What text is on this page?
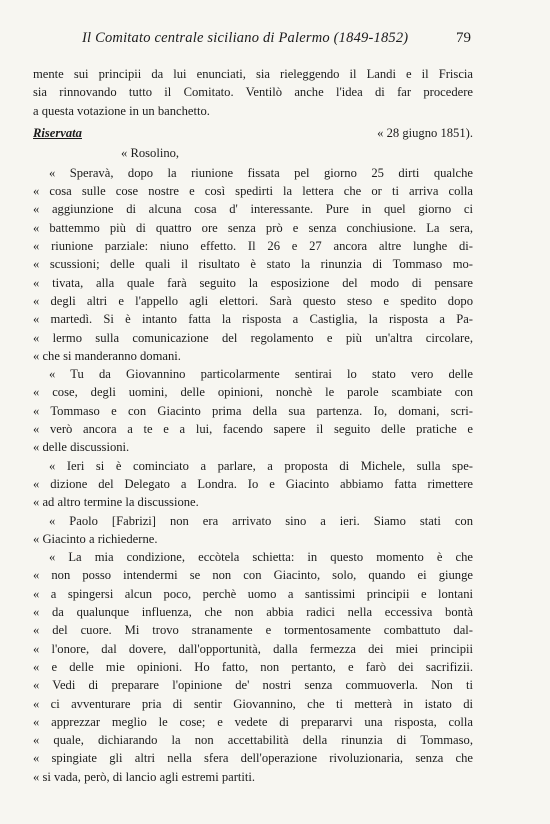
Il Comitato centrale siciliano di Palermo (1849-1852)	79
mente sui principii da lui enunciati, sia rieleggendo il Landi e il Friscia
sia rinnovando tutto il Comitato. Ventilò anche l'idea di far procedere
a questa votazione in un banchetto.
Riservata	« 28 giugno 1851).
« Rosolino,
« Speravà, dopo la riunione fissata pel giorno 25 dirti qualche
« cosa sulle cose nostre e così spedirti la lettera che or ti arriva colla
« aggiunzione di alcuna cosa d' interessante. Pure in quel giorno ci
« battemmo più di quattro ore senza prò e senza conchiusione. La sera,
« riunione parziale: niuno effetto. Il 26 e 27 ancora altre lunghe di-
« scussioni; delle quali il risultato è stato la rinunzia di Tommaso mo-
« tivata, alla quale farà seguito la esposizione del modo di pensare
« degli altri e l'appello agli elettori. Sarà questo steso e spedito dopo
« martedì. Si è intanto fatta la risposta a Castiglia, la risposta a Pa-
« lermo sulla comunicazione del regolamento e più un'altra circolare,
« che si manderanno domani.
« Tu da Giovannino particolarmente sentirai lo stato vero delle
« cose, degli uomini, delle opinioni, nonchè le parole scambiate con
« Tommaso e con Giacinto prima della sua partenza. Io, domani, scri-
« verò ancora a te e a lui, facendo sapere il seguito delle pratiche e
« delle discussioni.
« Ieri si è cominciato a parlare, a proposta di Michele, sulla spe-
« dizione del Delegato a Londra. Io e Giacinto abbiamo fatta rimettere
« ad altro termine la discussione.
« Paolo [Fabrizi] non era arrivato sino a ieri. Siamo stati con
« Giacinto a richiederne.
« La mia condizione, eccòtela schietta: in questo momento è che
« non posso intendermi se non con Giacinto, solo, quando ei giunge
« a spingersi alcun poco, perchè uomo a santissimi principii e lontani
« da qualunque influenza, che non abbia radici nella eccessiva bontà
« del cuore. Mi trovo stranamente e tormentosamente combattuto dal-
« l'onore, dal dovere, dall'opportunità, dalla fermezza dei miei principii
« e delle mie opinioni. Ho fatto, non pertanto, e farò dei sacrifizii.
« Vedi di preparare l'opinione de' nostri senza commuoverla. Non ti
« ci avventurare pria di sentir Giovannino, che ti metterà in istato di
« apprezzar meglio le cose; e vedete di prepararvi una risposta, colla
« quale, dichiarando la non accettabilità della rinunzia di Tommaso,
« spingiate gli altri nella sfera dell'operazione rivoluzionaria, senza che
« si vada, però, di lancio agli estremi partiti.
